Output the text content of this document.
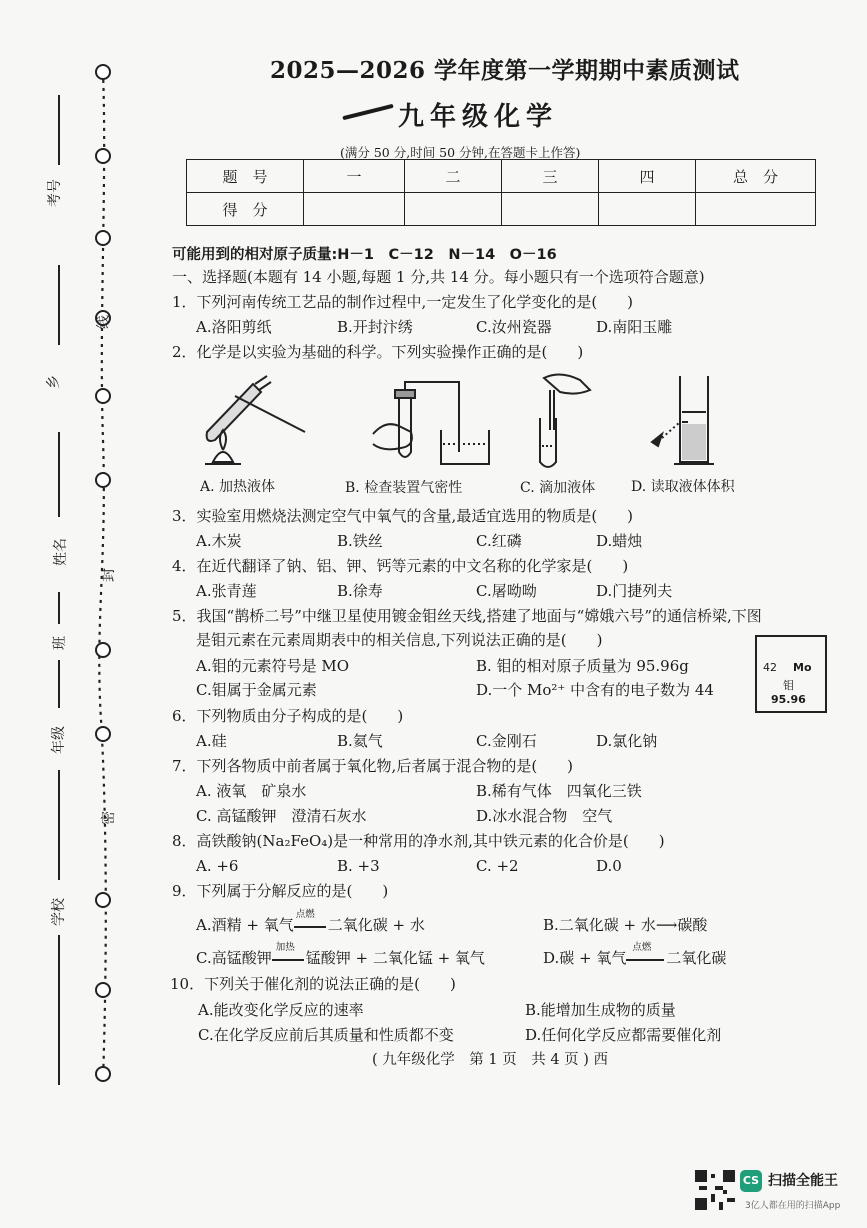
考号
乡
姓名
班
年级
学校
线
封
密
2025—2026 学年度第一学期期中素质测试
九年级化学
(满分 50 分,时间 50 分钟,在答题卡上作答)
题　号	一	二	三	四	总　分
得　分					
可能用到的相对原子质量:H－1　C－12　N－14　O－16
一、选择题(本题有 14 小题,每题 1 分,共 14 分。每小题只有一个选项符合题意)
1．下列河南传统工艺品的制作过程中,一定发生了化学变化的是(　　)
A.洛阳剪纸	B.开封汴绣	C.汝州瓷器	D.南阳玉雕
2．化学是以实验为基础的科学。下列实验操作正确的是(　　)
A. 加热液体	B. 检查装置气密性	C. 滴加液体	D. 读取液体体积
3．实验室用燃烧法测定空气中氧气的含量,最适宜选用的物质是(　　)
A.木炭	B.铁丝	C.红磷	D.蜡烛
4．在近代翻译了钠、铝、钾、钙等元素的中文名称的化学家是(　　)
A.张青莲	B.徐寿	C.屠呦呦	D.门捷列夫
5．我国“鹊桥二号”中继卫星使用镀金钼丝天线,搭建了地面与“嫦娥六号”的通信桥梁,下图
是钼元素在元素周期表中的相关信息,下列说法正确的是(　　)
A.钼的元素符号是 MO	B. 钼的相对原子质量为 95.96g
C.钼属于金属元素	D.一个 Mo²⁺ 中含有的电子数为 44
42 Mo
钼
95.96
6．下列物质由分子构成的是(　　)
A.硅	B.氦气	C.金刚石	D.氯化钠
7．下列各物质中前者属于氧化物,后者属于混合物的是(　　)
A. 液氧　矿泉水	B.稀有气体　四氧化三铁
C. 高锰酸钾　澄清石灰水	D.冰水混合物　空气
8．高铁酸钠(Na₂FeO₄)是一种常用的净水剂,其中铁元素的化合价是(　　)
A. +6	B. +3	C. +2	D.0
9．下列属于分解反应的是(　　)
A.酒精 + 氧气
点燃
二氧化碳 + 水	B.二氧化碳 + 水⟶碳酸
C.高锰酸钾
加热
锰酸钾 + 二氧化锰 + 氧气	D.碳 + 氧气
点燃
二氧化碳
10．下列关于催化剂的说法正确的是(　　)
A.能改变化学反应的速率	B.能增加生成物的质量
C.在化学反应前后其质量和性质都不变	D.任何化学反应都需要催化剂
( 九年级化学　第 1 页　共 4 页 ) 西
CS 扫描全能王
3亿人都在用的扫描App
